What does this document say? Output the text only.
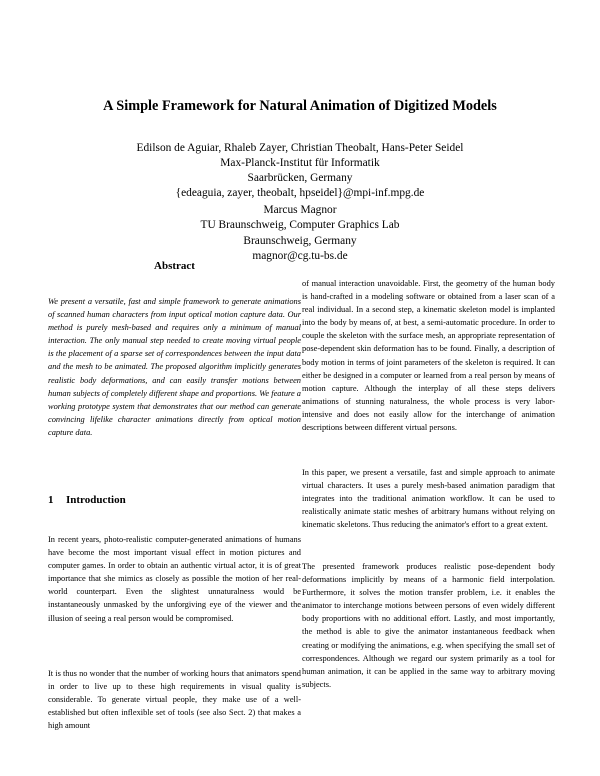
A Simple Framework for Natural Animation of Digitized Models
Edilson de Aguiar, Rhaleb Zayer, Christian Theobalt, Hans-Peter Seidel
Max-Planck-Institut für Informatik
Saarbrücken, Germany
{edeaguia, zayer, theobalt, hpseidel}@mpi-inf.mpg.de
Marcus Magnor
TU Braunschweig, Computer Graphics Lab
Braunschweig, Germany
magnor@cg.tu-bs.de
Abstract
We present a versatile, fast and simple framework to generate animations of scanned human characters from input optical motion capture data. Our method is purely mesh-based and requires only a minimum of manual interaction. The only manual step needed to create moving virtual people is the placement of a sparse set of correspondences between the input data and the mesh to be animated. The proposed algorithm implicitly generates realistic body deformations, and can easily transfer motions between human subjects of completely different shape and proportions. We feature a working prototype system that demonstrates that our method can generate convincing lifelike character animations directly from optical motion capture data.
1 Introduction
In recent years, photo-realistic computer-generated animations of humans have become the most important visual effect in motion pictures and computer games. In order to obtain an authentic virtual actor, it is of great importance that she mimics as closely as possible the motion of her real-world counterpart. Even the slightest unnaturalness would be instantaneously unmasked by the unforgiving eye of the viewer and the illusion of seeing a real person would be compromised.
It is thus no wonder that the number of working hours that animators spend in order to live up to these high requirements in visual quality is considerable. To generate virtual people, they make use of a well-established but often inflexible set of tools (see also Sect. 2) that makes a high amount
of manual interaction unavoidable. First, the geometry of the human body is hand-crafted in a modeling software or obtained from a laser scan of a real individual. In a second step, a kinematic skeleton model is implanted into the body by means of, at best, a semi-automatic procedure. In order to couple the skeleton with the surface mesh, an appropriate representation of pose-dependent skin deformation has to be found. Finally, a description of body motion in terms of joint parameters of the skeleton is required. It can either be designed in a computer or learned from a real person by means of motion capture. Although the interplay of all these steps delivers animations of stunning naturalness, the whole process is very labor-intensive and does not easily allow for the interchange of animation descriptions between different virtual persons.
In this paper, we present a versatile, fast and simple approach to animate virtual characters. It uses a purely mesh-based animation paradigm that integrates into the traditional animation workflow. It can be used to realistically animate static meshes of arbitrary humans without relying on kinematic skeletons. Thus reducing the animator's effort to a great extent.
The presented framework produces realistic pose-dependent body deformations implicitly by means of a harmonic field interpolation. Furthermore, it solves the motion transfer problem, i.e. it enables the animator to interchange motions between persons of even widely different body proportions with no additional effort. Lastly, and most importantly, the method is able to give the animator instantaneous feedback when creating or modifying the animations, e.g. when specifying the small set of correspondences. Although we regard our system primarily as a tool for human animation, it can be applied in the same way to arbitrary moving subjects.
